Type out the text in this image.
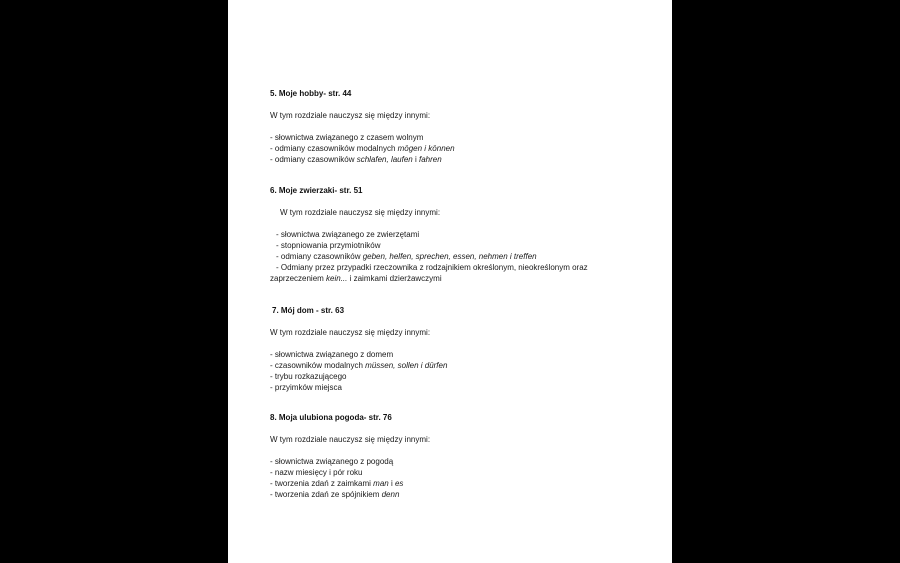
5. Moje hobby- str. 44
W tym rozdziale nauczysz się między innymi:
- słownictwa związanego z czasem wolnym
- odmiany czasowników modalnych mögen i können
- odmiany czasowników schlafen, laufen i fahren
6. Moje zwierzaki- str. 51
W tym rozdziale nauczysz się między innymi:
- słownictwa związanego ze zwierzętami
- stopniowania przymiotników
- odmiany czasowników geben, helfen, sprechen, essen, nehmen i treffen
- Odmiany przez przypadki rzeczownika z rodzajnikiem określonym, nieokreślonym oraz
zaprzeczeniem kein... i zaimkami dzierżawczymi
7. Mój dom - str. 63
W tym rozdziale nauczysz się między innymi:
- słownictwa związanego z domem
- czasowników modalnych müssen, sollen i dürfen
- trybu rozkazującego
- przyimków miejsca
8. Moja ulubiona pogoda- str. 76
W tym rozdziale nauczysz się między innymi:
- słownictwa związanego z pogodą
- nazw miesięcy i pór roku
- tworzenia zdań z zaimkami man i es
- tworzenia zdań ze spójnikiem denn
